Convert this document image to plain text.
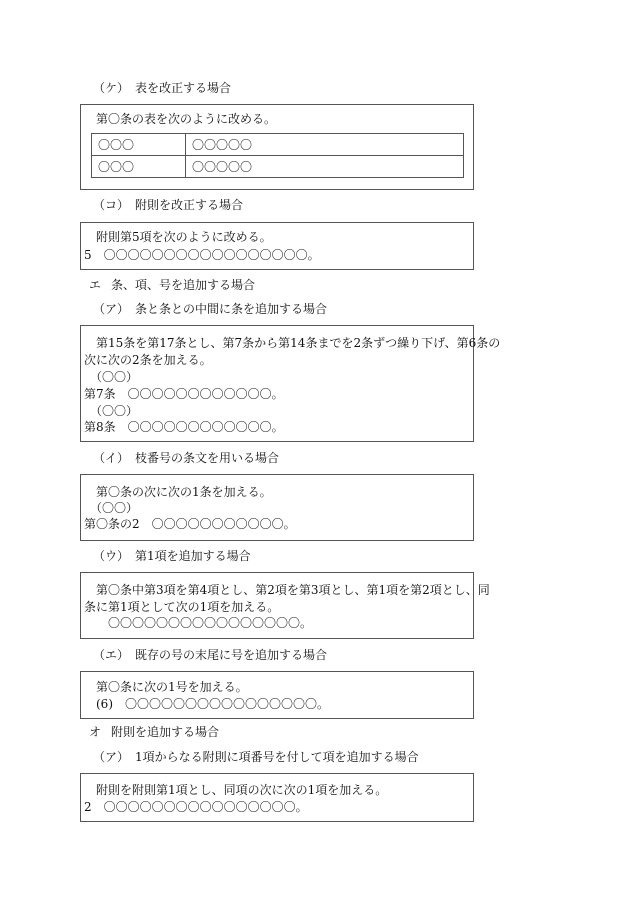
（ケ） 表を改正する場合
第〇条の表を次のように改める。
〇〇〇	〇〇〇〇〇
〇〇〇	〇〇〇〇〇
（コ） 附則を改正する場合
附則第5項を次のように改める。
5　〇〇〇〇〇〇〇〇〇〇〇〇〇〇〇〇〇。
エ 条、項、号を追加する場合
（ア） 条と条との中間に条を追加する場合
第15条を第17条とし、第7条から第14条までを2条ずつ繰り下げ、第6条の
次に次の2条を加える。
（〇〇）
第7条　〇〇〇〇〇〇〇〇〇〇〇〇。
（〇〇）
第8条　〇〇〇〇〇〇〇〇〇〇〇〇。
（イ） 枝番号の条文を用いる場合
第〇条の次に次の1条を加える。
（〇〇）
第〇条の2　〇〇〇〇〇〇〇〇〇〇〇。
（ウ） 第1項を追加する場合
第〇条中第3項を第4項とし、第2項を第3項とし、第1項を第2項とし、同
条に第1項として次の1項を加える。
〇〇〇〇〇〇〇〇〇〇〇〇〇〇〇〇。
（エ） 既存の号の末尾に号を追加する場合
第〇条に次の1号を加える。
(6)　〇〇〇〇〇〇〇〇〇〇〇〇〇〇〇〇。
オ 附則を追加する場合
（ア） 1項からなる附則に項番号を付して項を追加する場合
附則を附則第1項とし、同項の次に次の1項を加える。
2　〇〇〇〇〇〇〇〇〇〇〇〇〇〇〇〇。
